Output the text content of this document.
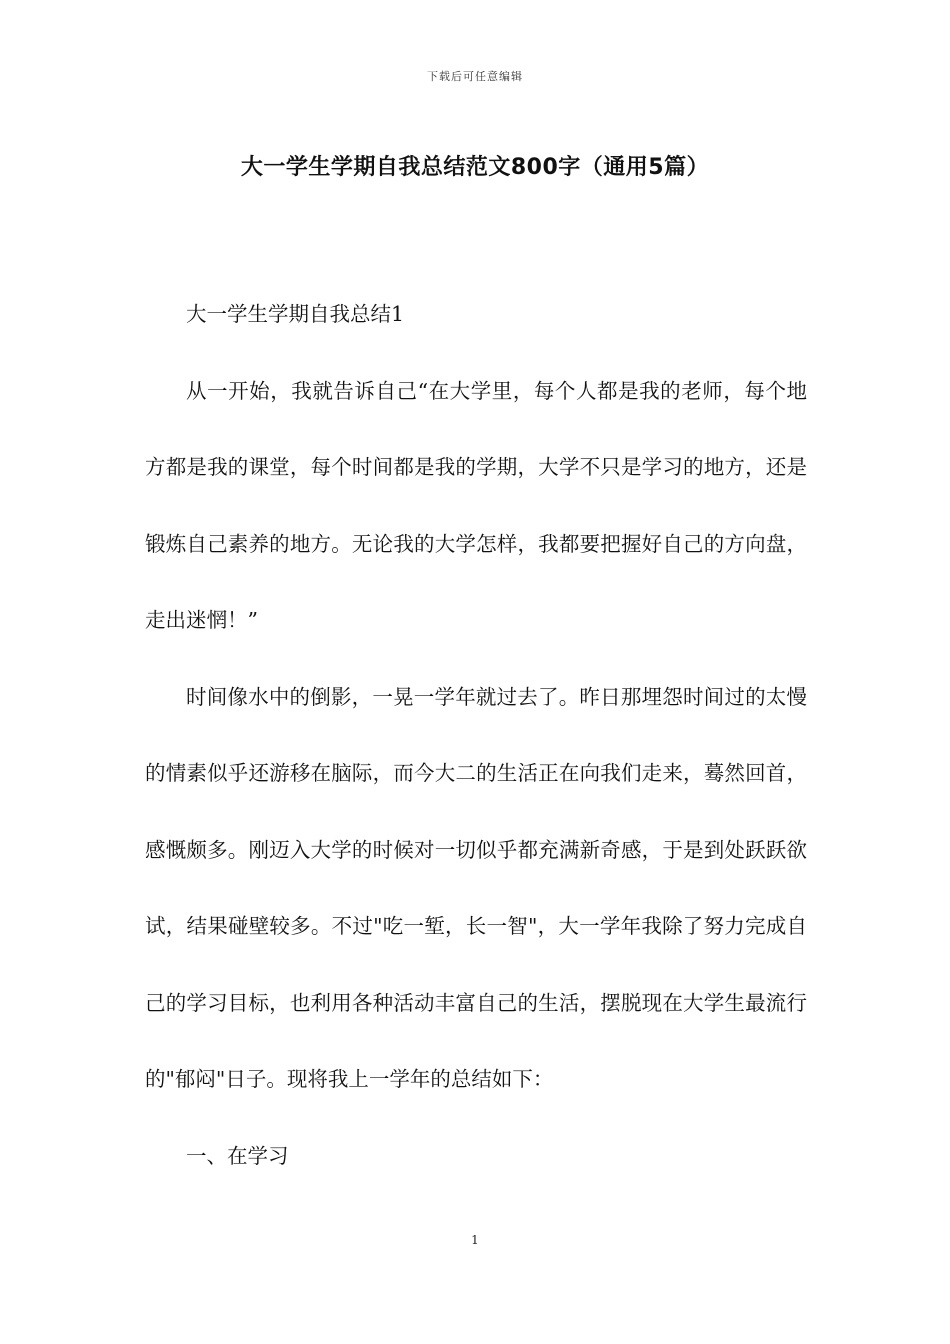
下载后可任意编辑
大一学生学期自我总结范文800字（通用5篇）

大一学生学期自我总结1

从一开始，我就告诉自己“在大学里，每个人都是我的老师，每个地方都是我的课堂，每个时间都是我的学期，大学不只是学习的地方，还是锻炼自己素养的地方。无论我的大学怎样，我都要把握好自己的方向盘，走出迷惘！”

时间像水中的倒影，一晃一学年就过去了。昨日那埋怨时间过的太慢的情素似乎还游移在脑际，而今大二的生活正在向我们走来，蓦然回首，感慨颇多。刚迈入大学的时候对一切似乎都充满新奇感，于是到处跃跃欲试，结果碰壁较多。不过"吃一堑，长一智"，大一学年我除了努力完成自己的学习目标，也利用各种活动丰富自己的生活，摆脱现在大学生最流行的"郁闷"日子。现将我上一学年的总结如下：

一、在学习

1
